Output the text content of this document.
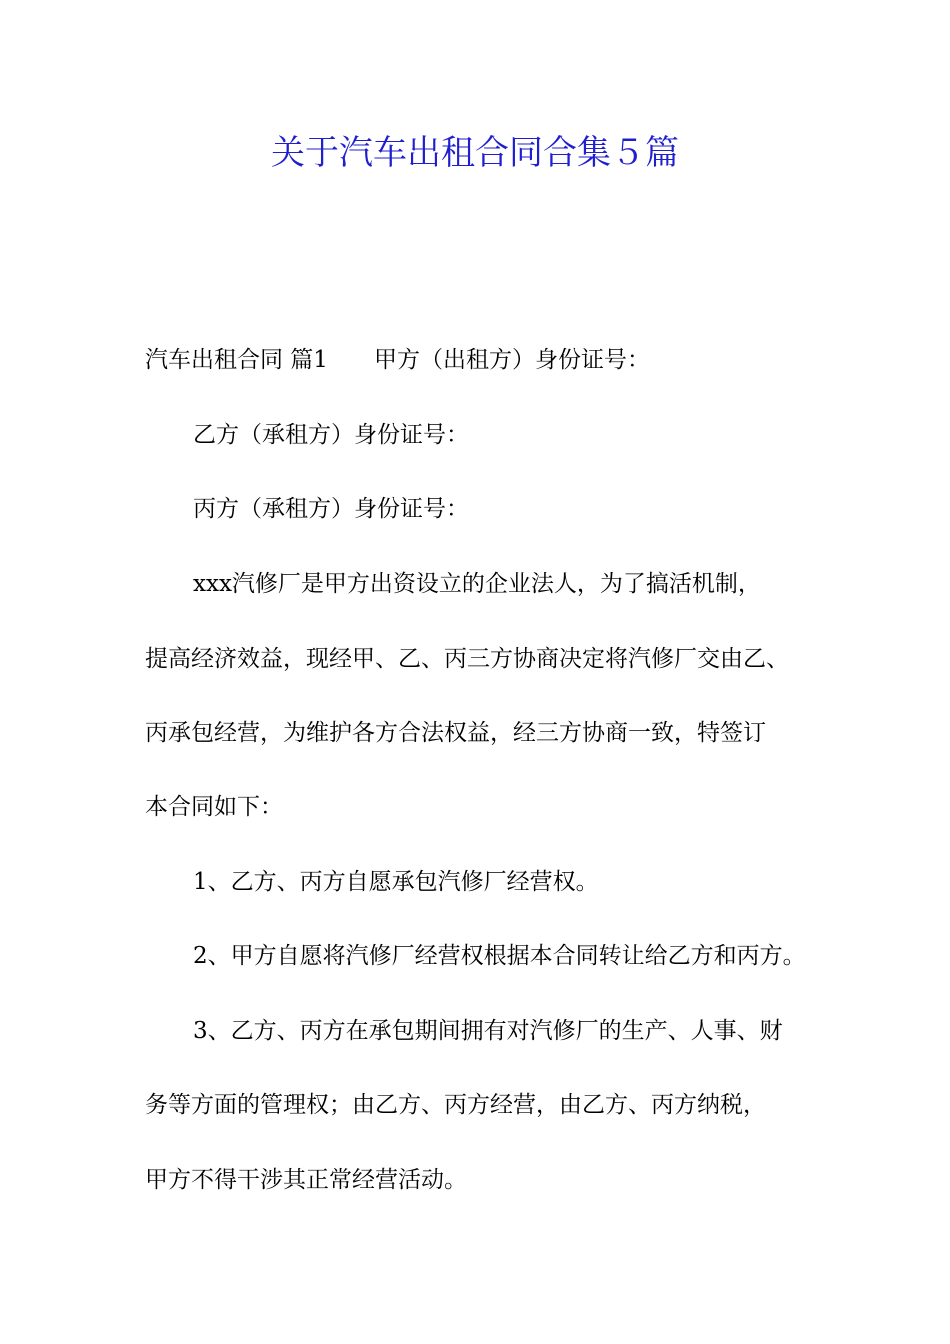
关于汽车出租合同合集５篇

汽车出租合同 篇1 甲方（出租方）身份证号：

乙方（承租方）身份证号：

丙方（承租方）身份证号：

xxx汽修厂是甲方出资设立的企业法人，为了搞活机制，

提高经济效益，现经甲、乙、丙三方协商决定将汽修厂交由乙、

丙承包经营，为维护各方合法权益，经三方协商一致，特签订

本合同如下：

1、乙方、丙方自愿承包汽修厂经营权。

2、甲方自愿将汽修厂经营权根据本合同转让给乙方和丙方。

3、乙方、丙方在承包期间拥有对汽修厂的生产、人事、财

务等方面的管理权；由乙方、丙方经营，由乙方、丙方纳税，

甲方不得干涉其正常经营活动。
